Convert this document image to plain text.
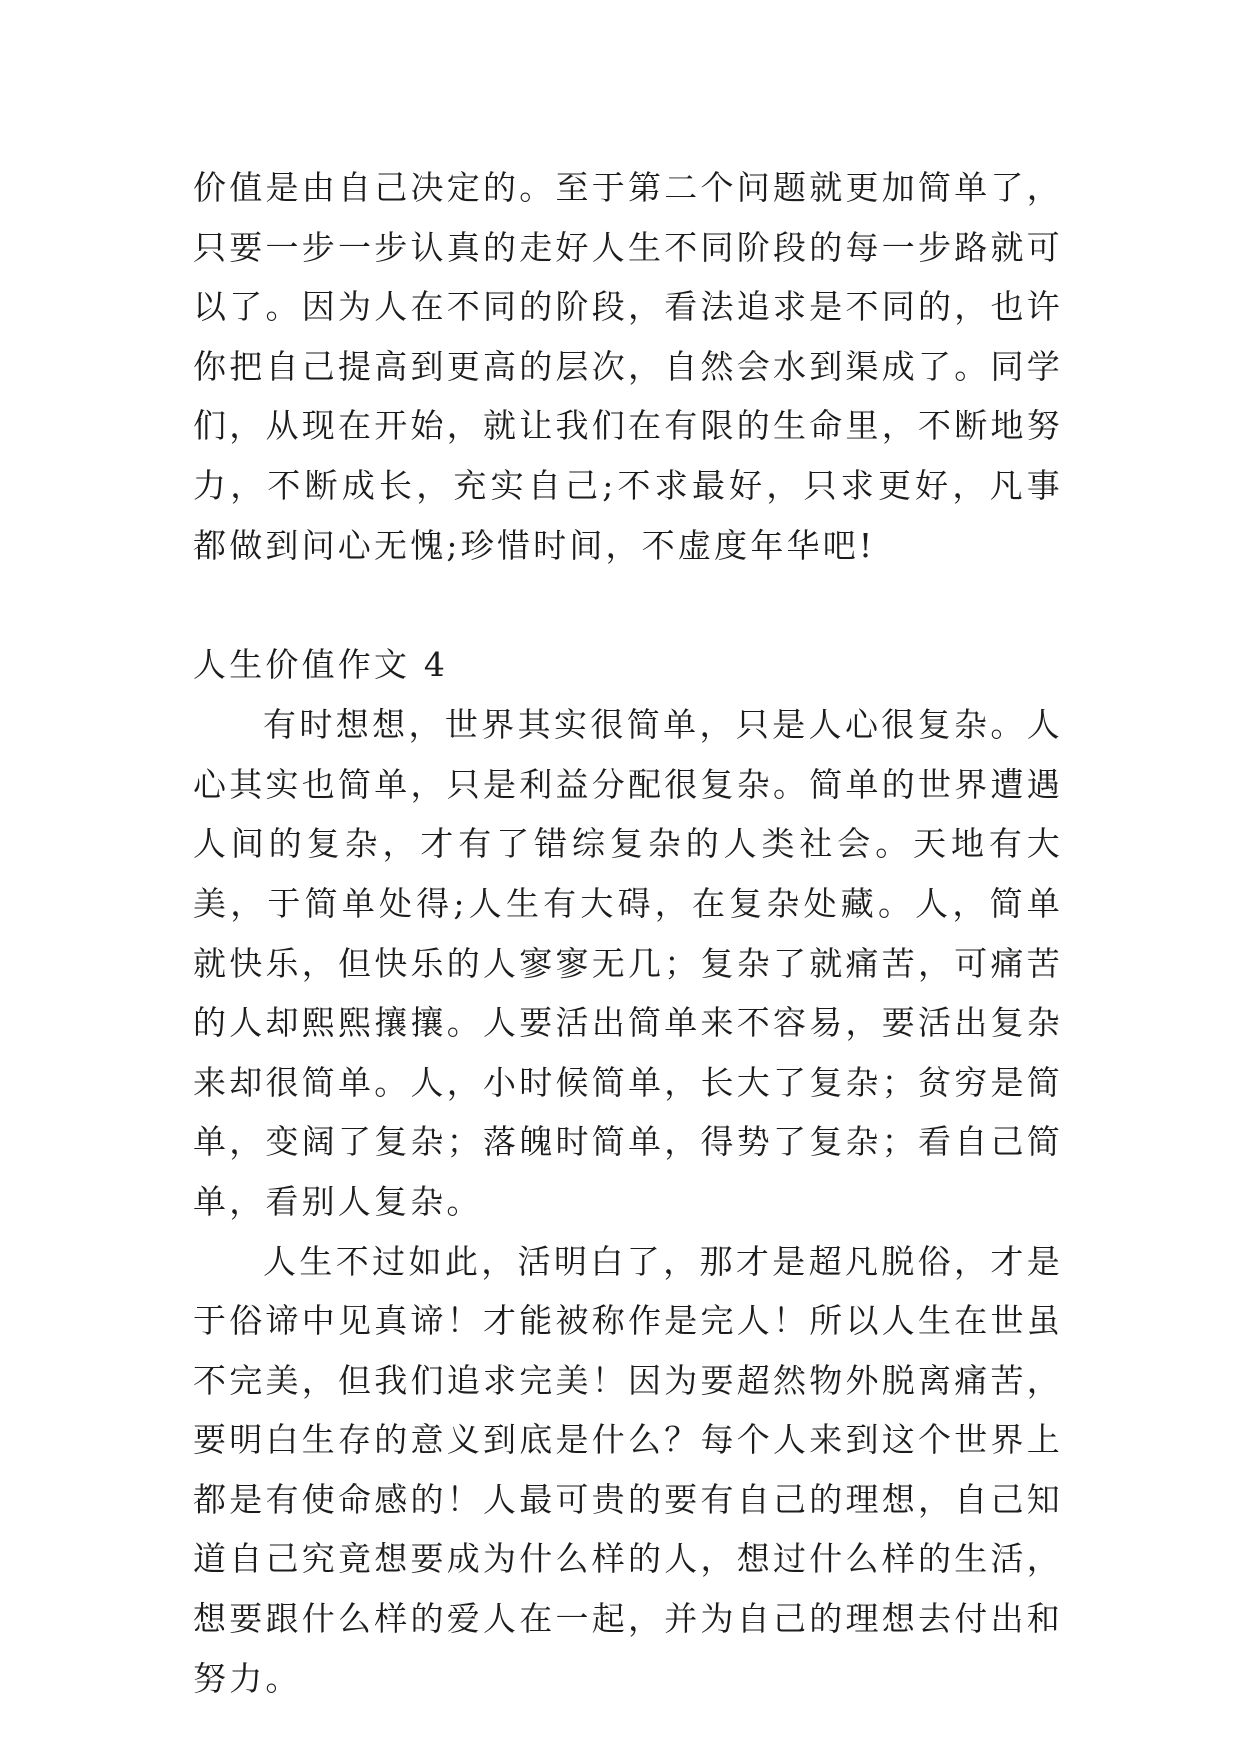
价值是由自己决定的。至于第二个问题就更加简单了，只要一步一步认真的走好人生不同阶段的每一步路就可以了。因为人在不同的阶段，看法追求是不同的，也许你把自己提高到更高的层次，自然会水到渠成了。同学们，从现在开始，就让我们在有限的生命里，不断地努力，不断成长，充实自己;不求最好，只求更好，凡事都做到问心无愧;珍惜时间，不虚度年华吧!

人生价值作文 4

有时想想，世界其实很简单，只是人心很复杂。人心其实也简单，只是利益分配很复杂。简单的世界遭遇人间的复杂，才有了错综复杂的人类社会。天地有大美，于简单处得;人生有大碍，在复杂处藏。人，简单就快乐，但快乐的人寥寥无几；复杂了就痛苦，可痛苦的人却熙熙攘攘。人要活出简单来不容易，要活出复杂来却很简单。人，小时候简单，长大了复杂；贫穷是简单，变阔了复杂；落魄时简单，得势了复杂；看自己简单，看别人复杂。

人生不过如此，活明白了，那才是超凡脱俗，才是于俗谛中见真谛！才能被称作是完人！所以人生在世虽不完美，但我们追求完美！因为要超然物外脱离痛苦，要明白生存的意义到底是什么？每个人来到这个世界上都是有使命感的！人最可贵的要有自己的理想，自己知道自己究竟想要成为什么样的人，想过什么样的生活，想要跟什么样的爱人在一起，并为自己的理想去付出和努力。
